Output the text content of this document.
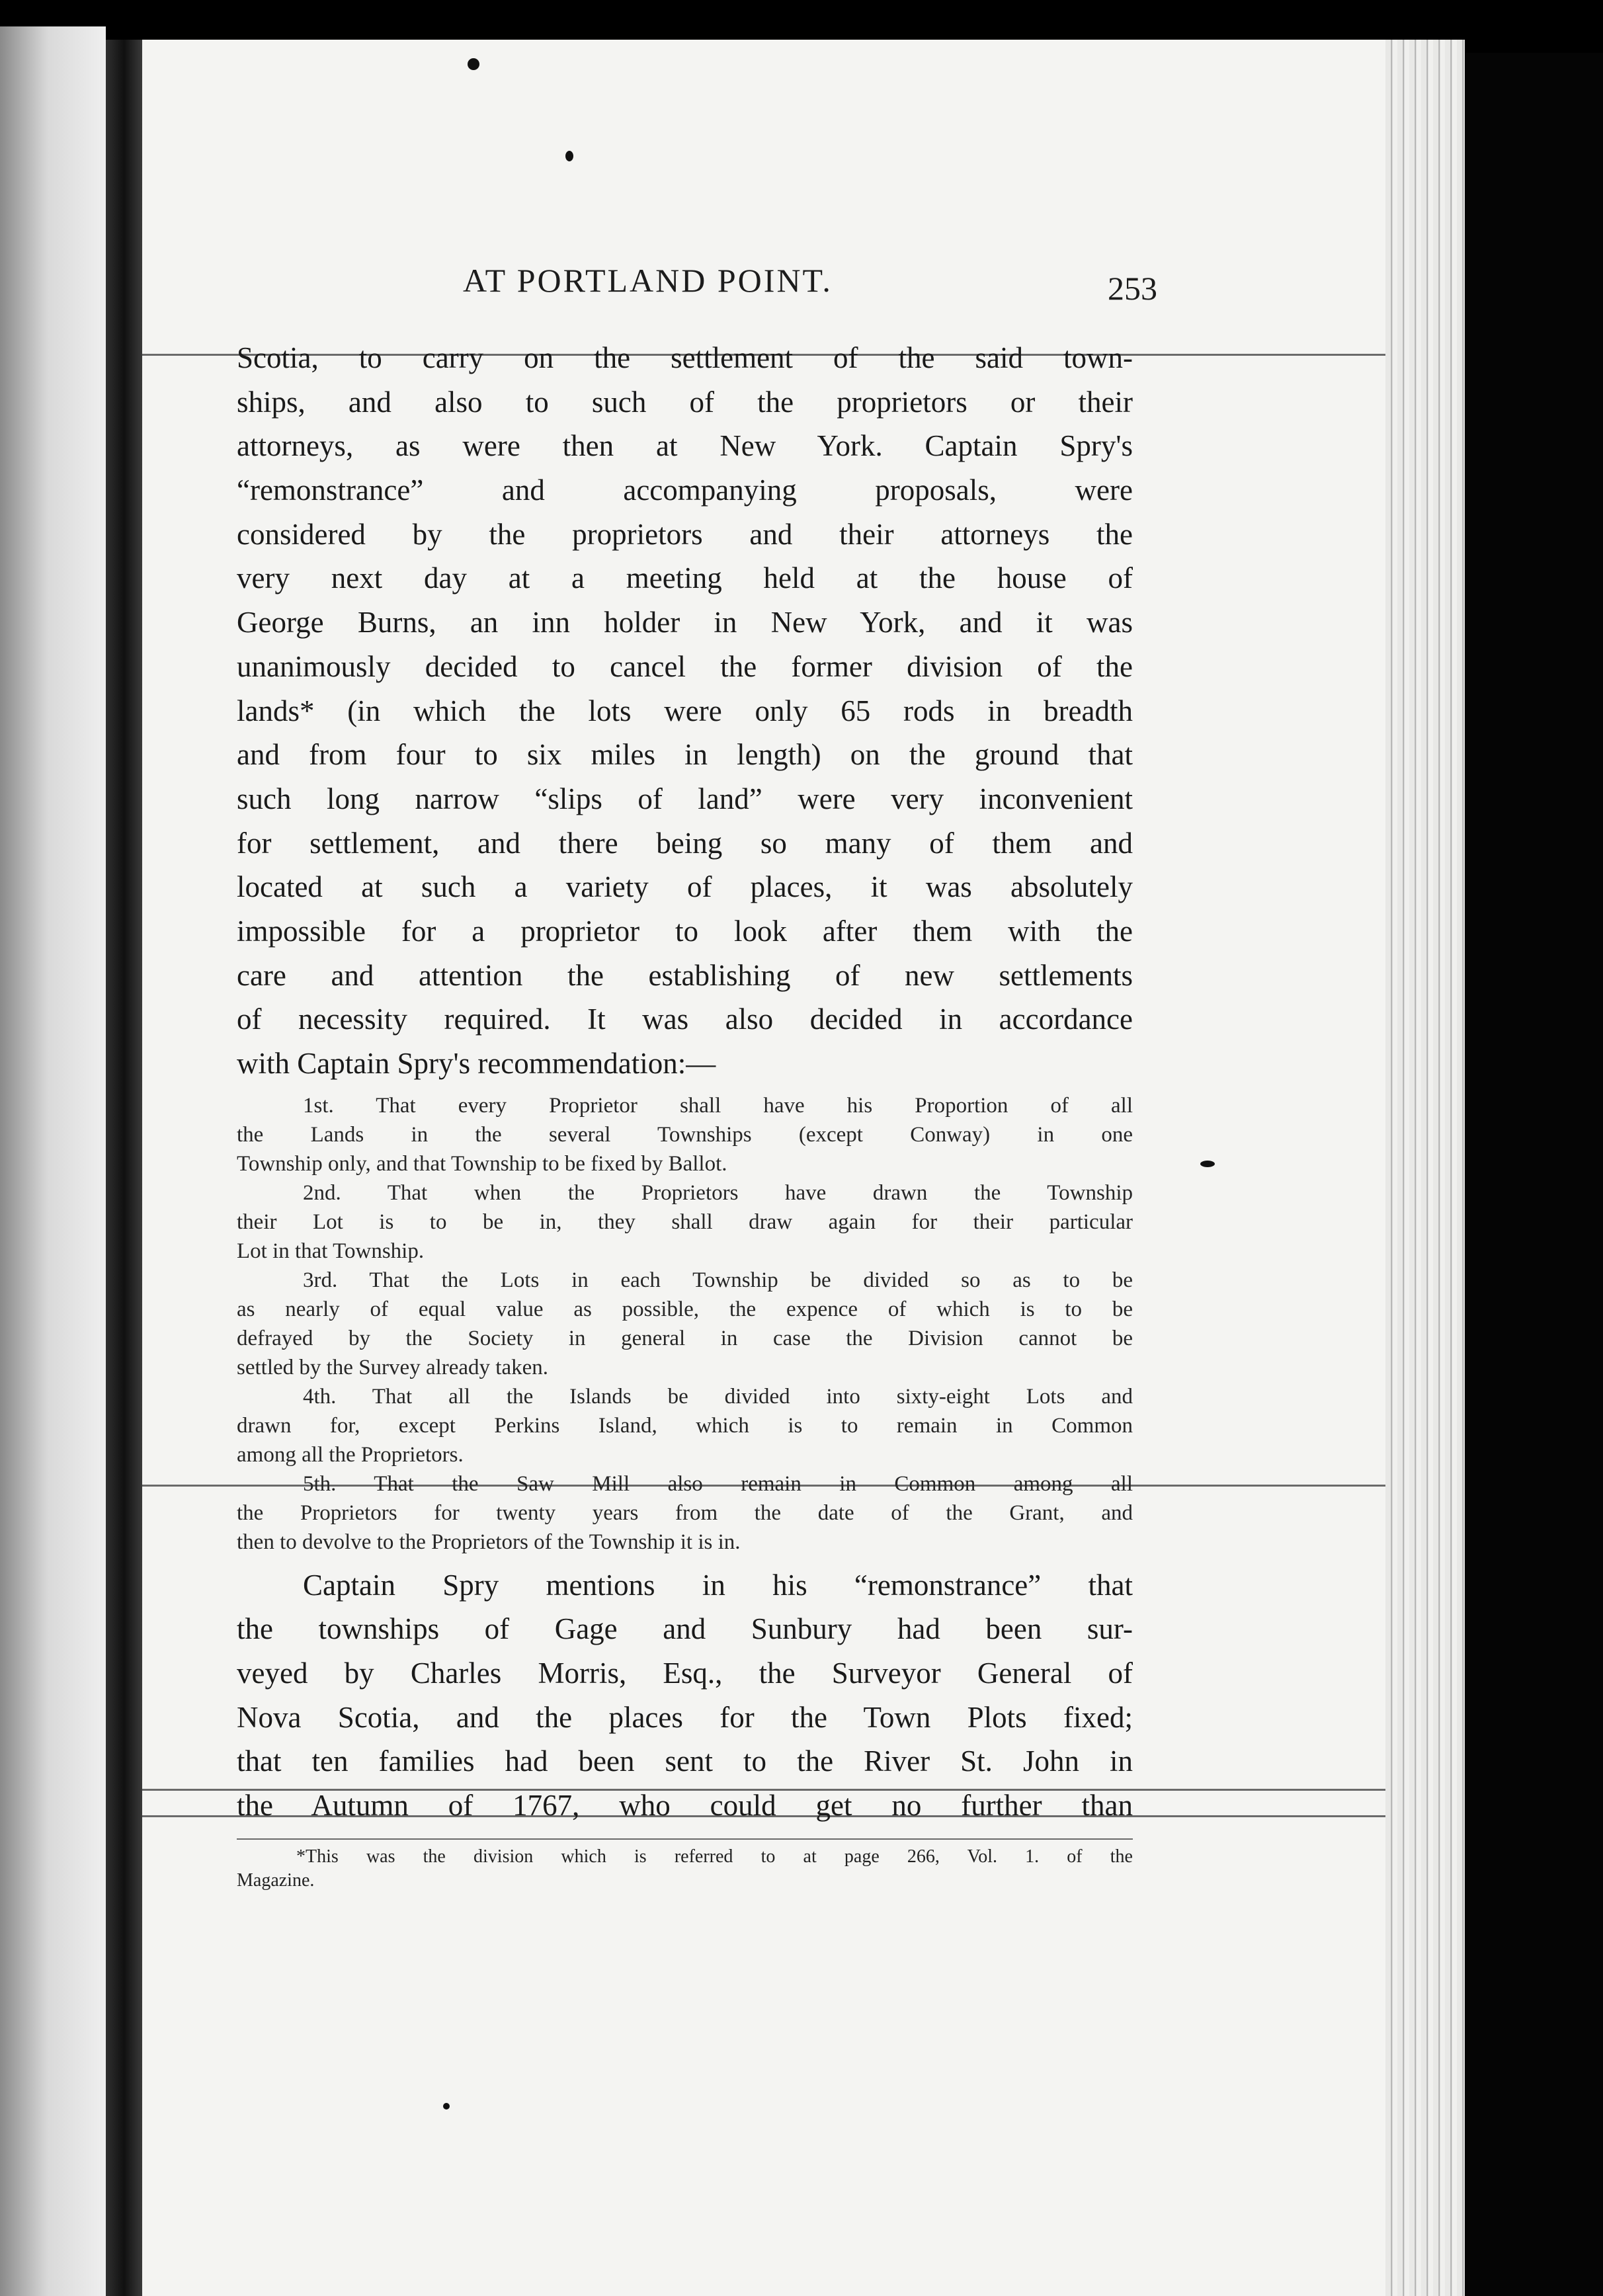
AT PORTLAND POINT.	253
Scotia, to carry on the settlement of the said town-
ships, and also to such of the proprietors or their
attorneys, as were then at New York. Captain Spry's
“remonstrance” and accompanying proposals, were
considered by the proprietors and their attorneys the
very next day at a meeting held at the house of
George Burns, an inn holder in New York, and it was
unanimously decided to cancel the former division of the
lands* (in which the lots were only 65 rods in breadth
and from four to six miles in length) on the ground that
such long narrow “slips of land” were very inconvenient
for settlement, and there being so many of them and
located at such a variety of places, it was absolutely
impossible for a proprietor to look after them with the
care and attention the establishing of new settlements
of necessity required. It was also decided in accordance
with Captain Spry's recommendation:—
1st. That every Proprietor shall have his Proportion of all
the Lands in the several Townships (except Conway) in one
Township only, and that Township to be fixed by Ballot.
2nd. That when the Proprietors have drawn the Township
their Lot is to be in, they shall draw again for their particular
Lot in that Township.
3rd. That the Lots in each Township be divided so as to be
as nearly of equal value as possible, the expence of which is to be
defrayed by the Society in general in case the Division cannot be
settled by the Survey already taken.
4th. That all the Islands be divided into sixty-eight Lots and
drawn for, except Perkins Island, which is to remain in Common
among all the Proprietors.
5th. That the Saw Mill also remain in Common among all
the Proprietors for twenty years from the date of the Grant, and
then to devolve to the Proprietors of the Township it is in.
Captain Spry mentions in his “remonstrance” that
the townships of Gage and Sunbury had been sur-
veyed by Charles Morris, Esq., the Surveyor General of
Nova Scotia, and the places for the Town Plots fixed;
that ten families had been sent to the River St. John in
the Autumn of 1767, who could get no further than
*This was the division which is referred to at page 266, Vol. 1. of the
Magazine.
